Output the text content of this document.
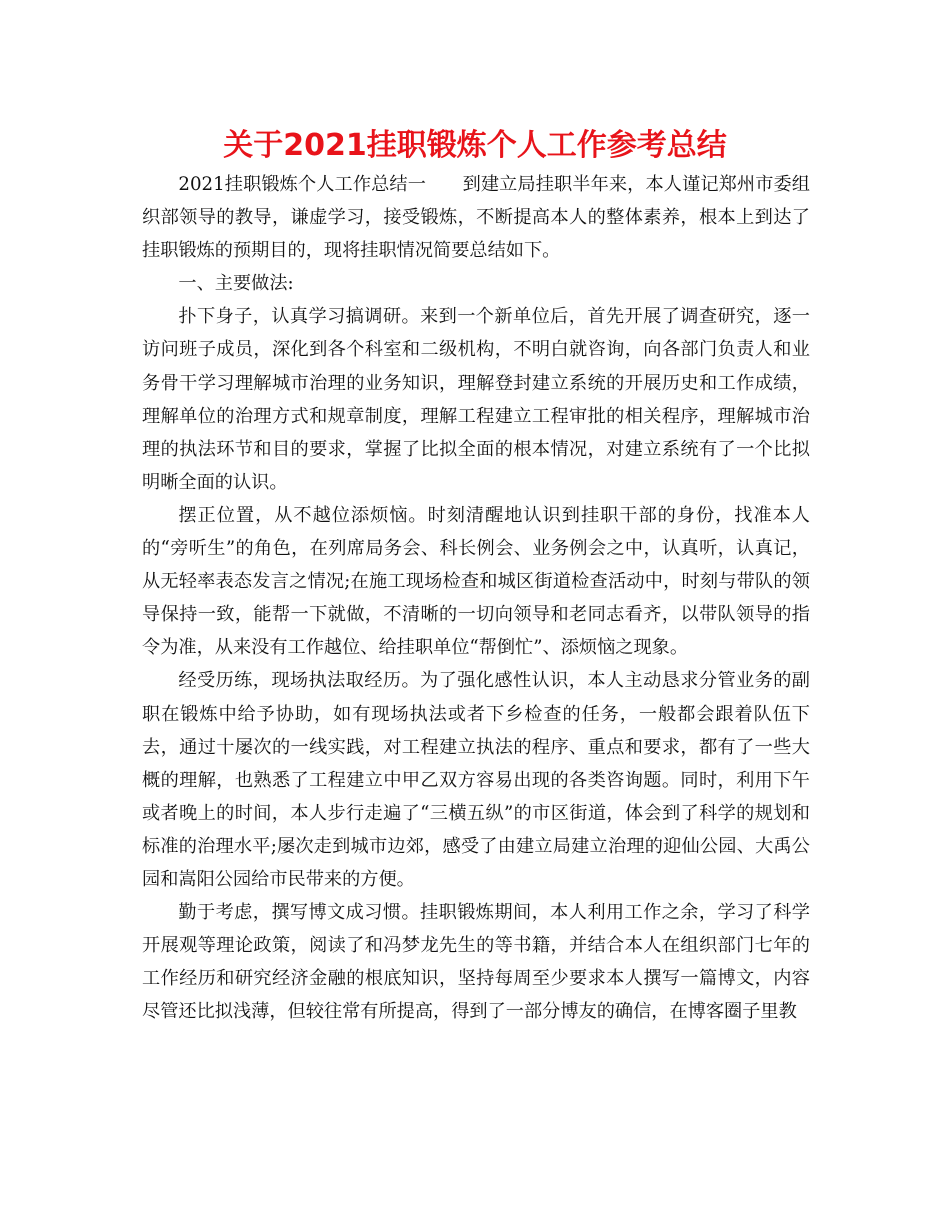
关于2021挂职锻炼个人工作参考总结

2021挂职锻炼个人工作总结一　　到建立局挂职半年来，本人谨记郑州市委组织部领导的教导，谦虚学习，接受锻炼，不断提高本人的整体素养，根本上到达了挂职锻炼的预期目的，现将挂职情况简要总结如下。

一、主要做法:

扑下身子，认真学习搞调研。来到一个新单位后，首先开展了调查研究，逐一访问班子成员，深化到各个科室和二级机构，不明白就咨询，向各部门负责人和业务骨干学习理解城市治理的业务知识，理解登封建立系统的开展历史和工作成绩，理解单位的治理方式和规章制度，理解工程建立工程审批的相关程序，理解城市治理的执法环节和目的要求，掌握了比拟全面的根本情况，对建立系统有了一个比拟明晰全面的认识。

摆正位置，从不越位添烦恼。时刻清醒地认识到挂职干部的身份，找准本人的“旁听生”的角色，在列席局务会、科长例会、业务例会之中，认真听，认真记，从无轻率表态发言之情况;在施工现场检查和城区街道检查活动中，时刻与带队的领导保持一致，能帮一下就做，不清晰的一切向领导和老同志看齐，以带队领导的指令为准，从来没有工作越位、给挂职单位“帮倒忙”、添烦恼之现象。

经受历练，现场执法取经历。为了强化感性认识，本人主动恳求分管业务的副职在锻炼中给予协助，如有现场执法或者下乡检查的任务，一般都会跟着队伍下去，通过十屡次的一线实践，对工程建立执法的程序、重点和要求，都有了一些大概的理解，也熟悉了工程建立中甲乙双方容易出现的各类咨询题。同时，利用下午或者晚上的时间，本人步行走遍了“三横五纵”的市区街道，体会到了科学的规划和标准的治理水平;屡次走到城市边郊，感受了由建立局建立治理的迎仙公园、大禹公园和嵩阳公园给市民带来的方便。

勤于考虑，撰写博文成习惯。挂职锻炼期间，本人利用工作之余，学习了科学开展观等理论政策，阅读了和冯梦龙先生的等书籍，并结合本人在组织部门七年的工作经历和研究经济金融的根底知识，坚持每周至少要求本人撰写一篇博文，内容尽管还比拟浅薄，但较往常有所提高，得到了一部分博友的确信，在博客圈子里教
